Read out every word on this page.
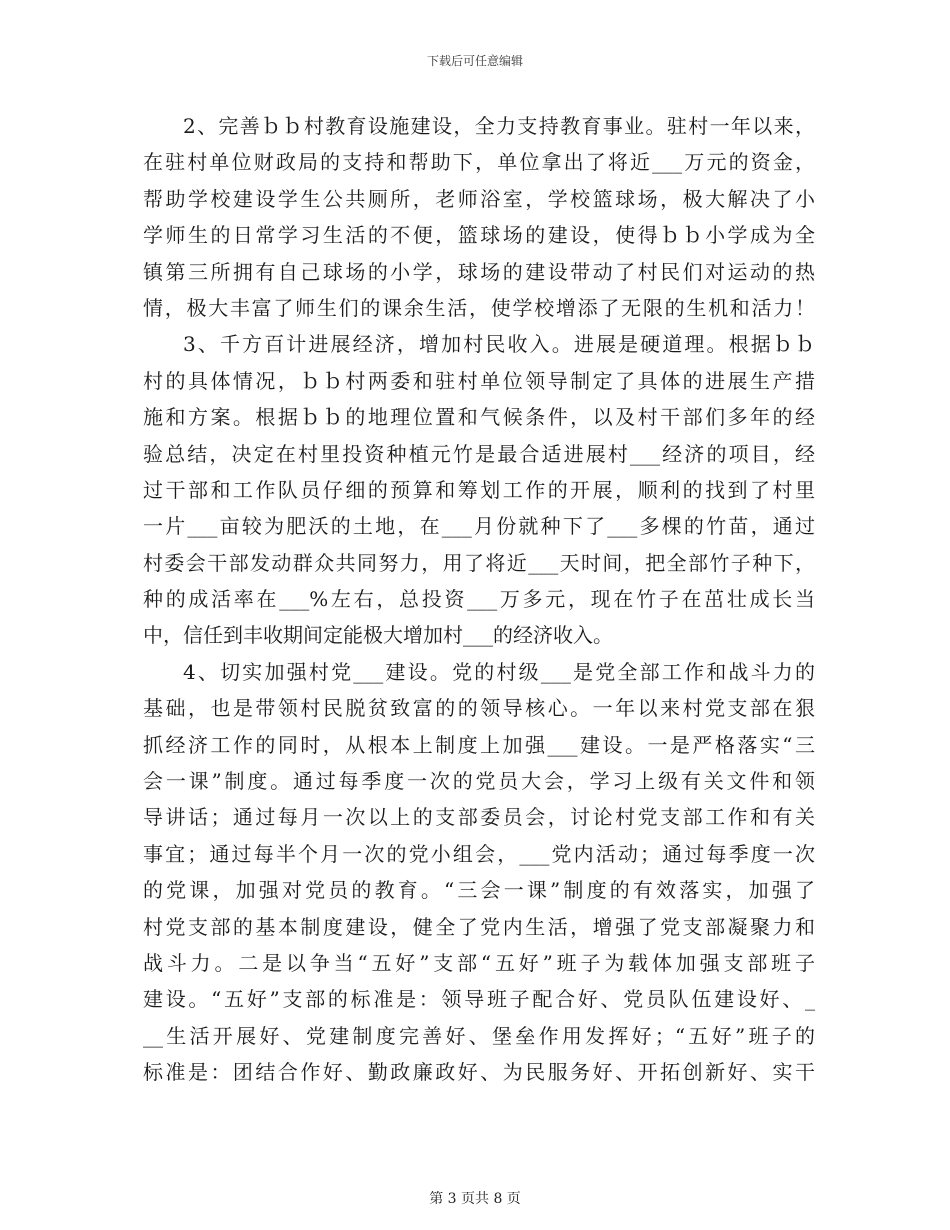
下载后可任意编辑
2、完善ｂｂ村教育设施建设，全力支持教育事业。驻村一年以来，
在驻村单位财政局的支持和帮助下，单位拿出了将近___万元的资金，
帮助学校建设学生公共厕所，老师浴室，学校篮球场，极大解决了小
学师生的日常学习生活的不便，篮球场的建设，使得ｂｂ小学成为全
镇第三所拥有自己球场的小学，球场的建设带动了村民们对运动的热
情，极大丰富了师生们的课余生活，使学校增添了无限的生机和活力！
3、千方百计进展经济，增加村民收入。进展是硬道理。根据ｂｂ
村的具体情况，ｂｂ村两委和驻村单位领导制定了具体的进展生产措
施和方案。根据ｂｂ的地理位置和气候条件，以及村干部们多年的经
验总结，决定在村里投资种植元竹是最合适进展村___经济的项目，经
过干部和工作队员仔细的预算和筹划工作的开展，顺利的找到了村里
一片___亩较为肥沃的土地，在___月份就种下了___多棵的竹苗，通过
村委会干部发动群众共同努力，用了将近___天时间，把全部竹子种下，
种的成活率在___%左右，总投资___万多元，现在竹子在茁壮成长当
中，信任到丰收期间定能极大增加村___的经济收入。
4、切实加强村党___建设。党的村级___是党全部工作和战斗力的
基础，也是带领村民脱贫致富的的领导核心。一年以来村党支部在狠
抓经济工作的同时，从根本上制度上加强___建设。一是严格落实“三
会一课”制度。通过每季度一次的党员大会，学习上级有关文件和领
导讲话；通过每月一次以上的支部委员会，讨论村党支部工作和有关
事宜；通过每半个月一次的党小组会，___党内活动；通过每季度一次
的党课，加强对党员的教育。“三会一课”制度的有效落实，加强了
村党支部的基本制度建设，健全了党内生活，增强了党支部凝聚力和
战斗力。二是以争当“五好”支部“五好”班子为载体加强支部班子
建设。“五好”支部的标准是：领导班子配合好、党员队伍建设好、_
__生活开展好、党建制度完善好、堡垒作用发挥好；“五好”班子的
标准是：团结合作好、勤政廉政好、为民服务好、开拓创新好、实干
第 3 页共 8 页
